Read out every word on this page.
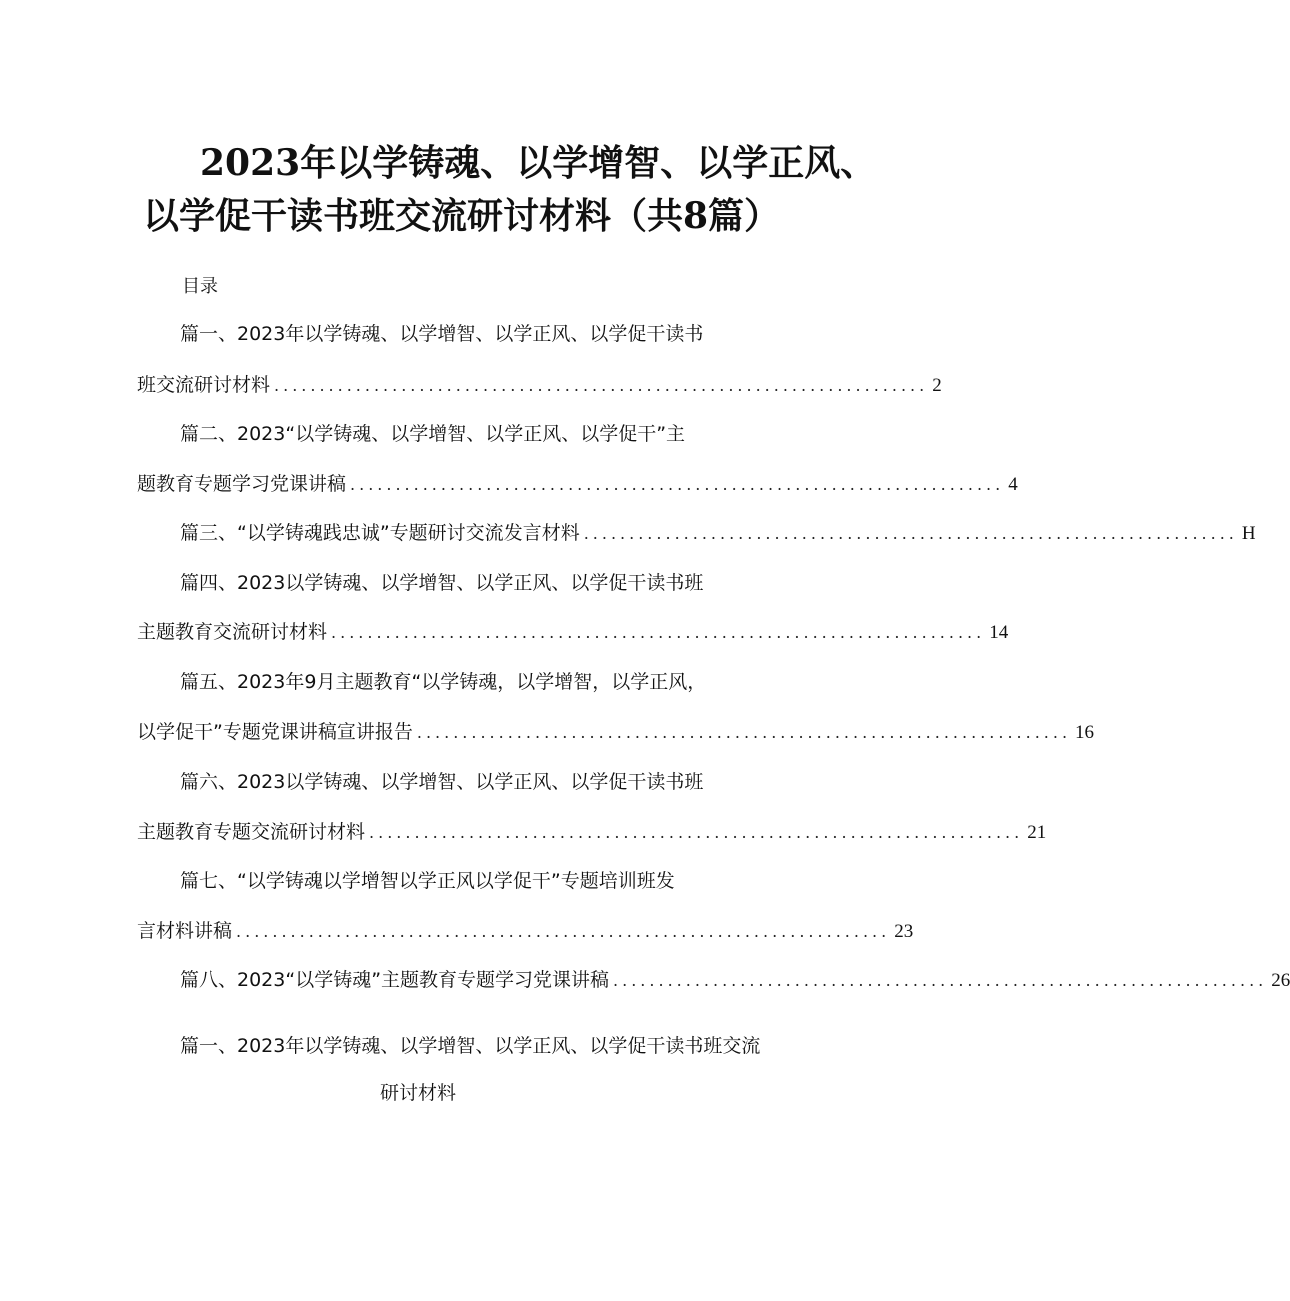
2023年以学铸魂、以学增智、以学正风、
以学促干读书班交流研讨材料（共8篇）
目录
篇一、2023年以学铸魂、以学增智、以学正风、以学促干读书
班交流研讨材料 ........................................................................ 2
篇二、2023“以学铸魂、以学增智、以学正风、以学促干”主
题教育专题学习党课讲稿 ........................................................................ 4
篇三、“以学铸魂践忠诚”专题研讨交流发言材料 ........................................................................ H
篇四、2023以学铸魂、以学增智、以学正风、以学促干读书班
主题教育交流研讨材料 ........................................................................ 14
篇五、2023年9月主题教育“以学铸魂，以学增智，以学正风，
以学促干”专题党课讲稿宣讲报告 ........................................................................ 16
篇六、2023以学铸魂、以学增智、以学正风、以学促干读书班
主题教育专题交流研讨材料 ........................................................................ 21
篇七、“以学铸魂以学增智以学正风以学促干”专题培训班发
言材料讲稿 ........................................................................ 23
篇八、2023“以学铸魂”主题教育专题学习党课讲稿 ........................................................................ 26
篇一、2023年以学铸魂、以学增智、以学正风、以学促干读书班交流
研讨材料
